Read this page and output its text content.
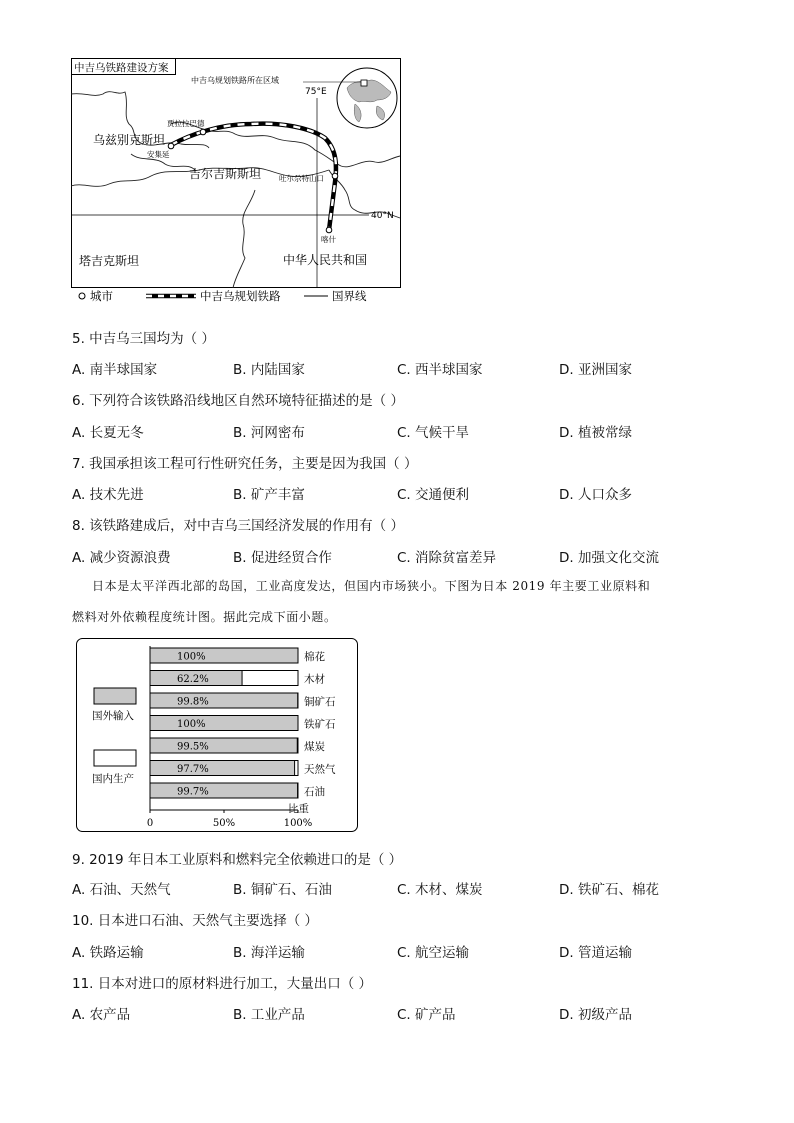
中吉乌铁路建设方案
中吉乌规划铁路所在区域
75°E
40°N
贾拉拉巴德
安集延
吐尔尕特山口
喀什
乌兹别克斯坦
吉尔吉斯斯坦
塔吉克斯坦	中华人民共和国
城市	中吉乌规划铁路	国界线
5. 中吉乌三国均为（ ）
A. 南半球国家	B. 内陆国家	C. 西半球国家	D. 亚洲国家
6. 下列符合该铁路沿线地区自然环境特征描述的是（ ）
A. 长夏无冬	B. 河网密布	C. 气候干旱	D. 植被常绿
7. 我国承担该工程可行性研究任务，主要是因为我国（ ）
A. 技术先进	B. 矿产丰富	C. 交通便利	D. 人口众多
8. 该铁路建成后，对中吉乌三国经济发展的作用有（ ）
A. 减少资源浪费	B. 促进经贸合作	C. 消除贫富差异	D. 加强文化交流
日本是太平洋西北部的岛国，工业高度发达，但国内市场狭小。下图为日本 2019 年主要工业原料和
燃料对外依赖程度统计图。据此完成下面小题。
国外输入
国内生产
100%	棉花
62.2%	木材
99.8%	铜矿石
100%	铁矿石
99.5%	煤炭
97.7%	天然气
99.7%	石油
0	50%	100%
比重
9. 2019 年日本工业原料和燃料完全依赖进口的是（ ）
A. 石油、天然气	B. 铜矿石、石油	C. 木材、煤炭	D. 铁矿石、棉花
10. 日本进口石油、天然气主要选择（ ）
A. 铁路运输	B. 海洋运输	C. 航空运输	D. 管道运输
11. 日本对进口的原材料进行加工，大量出口（ ）
A. 农产品	B. 工业产品	C. 矿产品	D. 初级产品
